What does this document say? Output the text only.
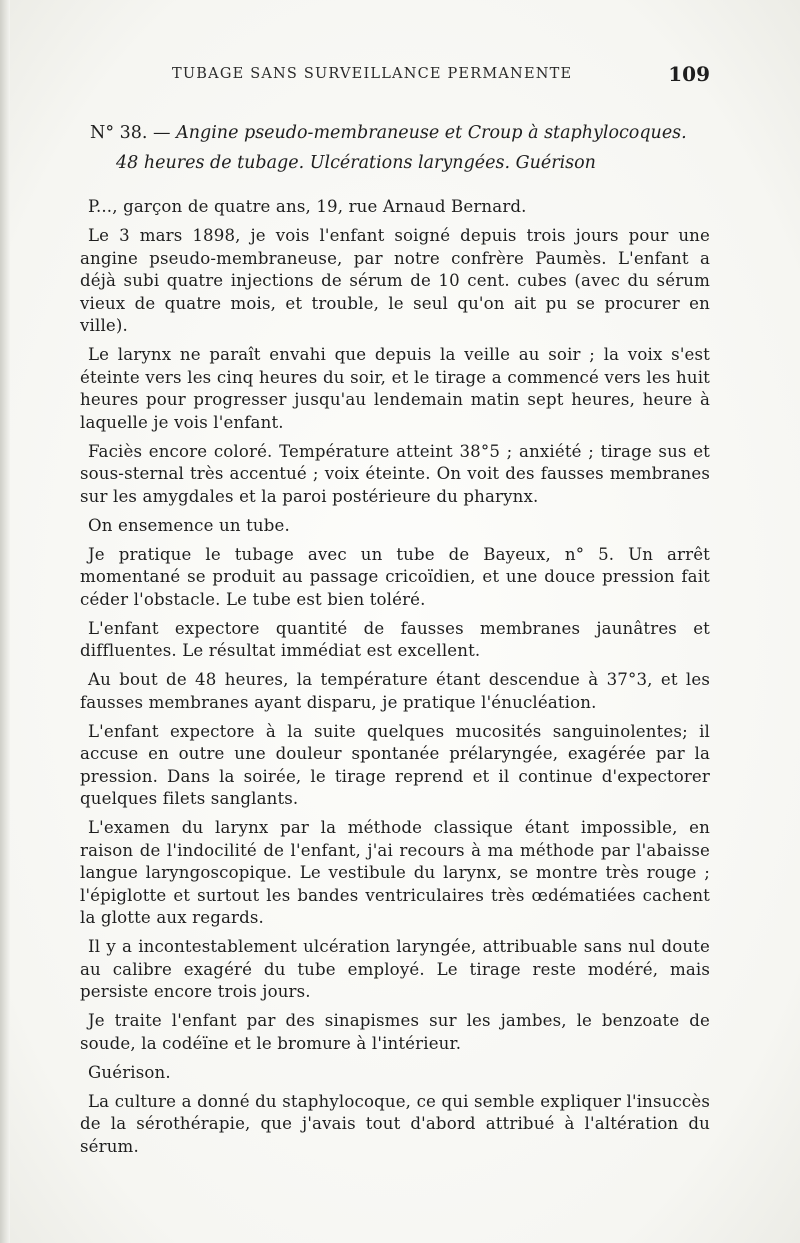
TUBAGE SANS SURVEILLANCE PERMANENTE	109
N° 38. — Angine pseudo-membraneuse et Croup à staphylocoques.
48 heures de tubage. Ulcérations laryngées. Guérison

P..., garçon de quatre ans, 19, rue Arnaud Bernard.

Le 3 mars 1898, je vois l'enfant soigné depuis trois jours pour une angine pseudo-membraneuse, par notre confrère Paumès. L'enfant a déjà subi quatre injections de sérum de 10 cent. cubes (avec du sérum vieux de quatre mois, et trouble, le seul qu'on ait pu se procurer en ville).

Le larynx ne paraît envahi que depuis la veille au soir ; la voix s'est éteinte vers les cinq heures du soir, et le tirage a commencé vers les huit heures pour progresser jusqu'au lendemain matin sept heures, heure à laquelle je vois l'enfant.

Faciès encore coloré. Température atteint 38°5 ; anxiété ; tirage sus et sous-sternal très accentué ; voix éteinte. On voit des fausses membranes sur les amygdales et la paroi postérieure du pharynx.

On ensemence un tube.

Je pratique le tubage avec un tube de Bayeux, n° 5. Un arrêt momentané se produit au passage cricoïdien, et une douce pression fait céder l'obstacle. Le tube est bien toléré.

L'enfant expectore quantité de fausses membranes jaunâtres et diffluentes. Le résultat immédiat est excellent.

Au bout de 48 heures, la température étant descendue à 37°3, et les fausses membranes ayant disparu, je pratique l'énucléation.

L'enfant expectore à la suite quelques mucosités sanguinolentes; il accuse en outre une douleur spontanée prélaryngée, exagérée par la pression. Dans la soirée, le tirage reprend et il continue d'expectorer quelques filets sanglants.

L'examen du larynx par la méthode classique étant impossible, en raison de l'indocilité de l'enfant, j'ai recours à ma méthode par l'abaisse langue laryngoscopique. Le vestibule du larynx, se montre très rouge ; l'épiglotte et surtout les bandes ventriculaires très œdématiées cachent la glotte aux regards.

Il y a incontestablement ulcération laryngée, attribuable sans nul doute au calibre exagéré du tube employé. Le tirage reste modéré, mais persiste encore trois jours.

Je traite l'enfant par des sinapismes sur les jambes, le benzoate de soude, la codéïne et le bromure à l'intérieur.

Guérison.

La culture a donné du staphylocoque, ce qui semble expliquer l'insuccès de la sérothérapie, que j'avais tout d'abord attribué à l'altération du sérum.
